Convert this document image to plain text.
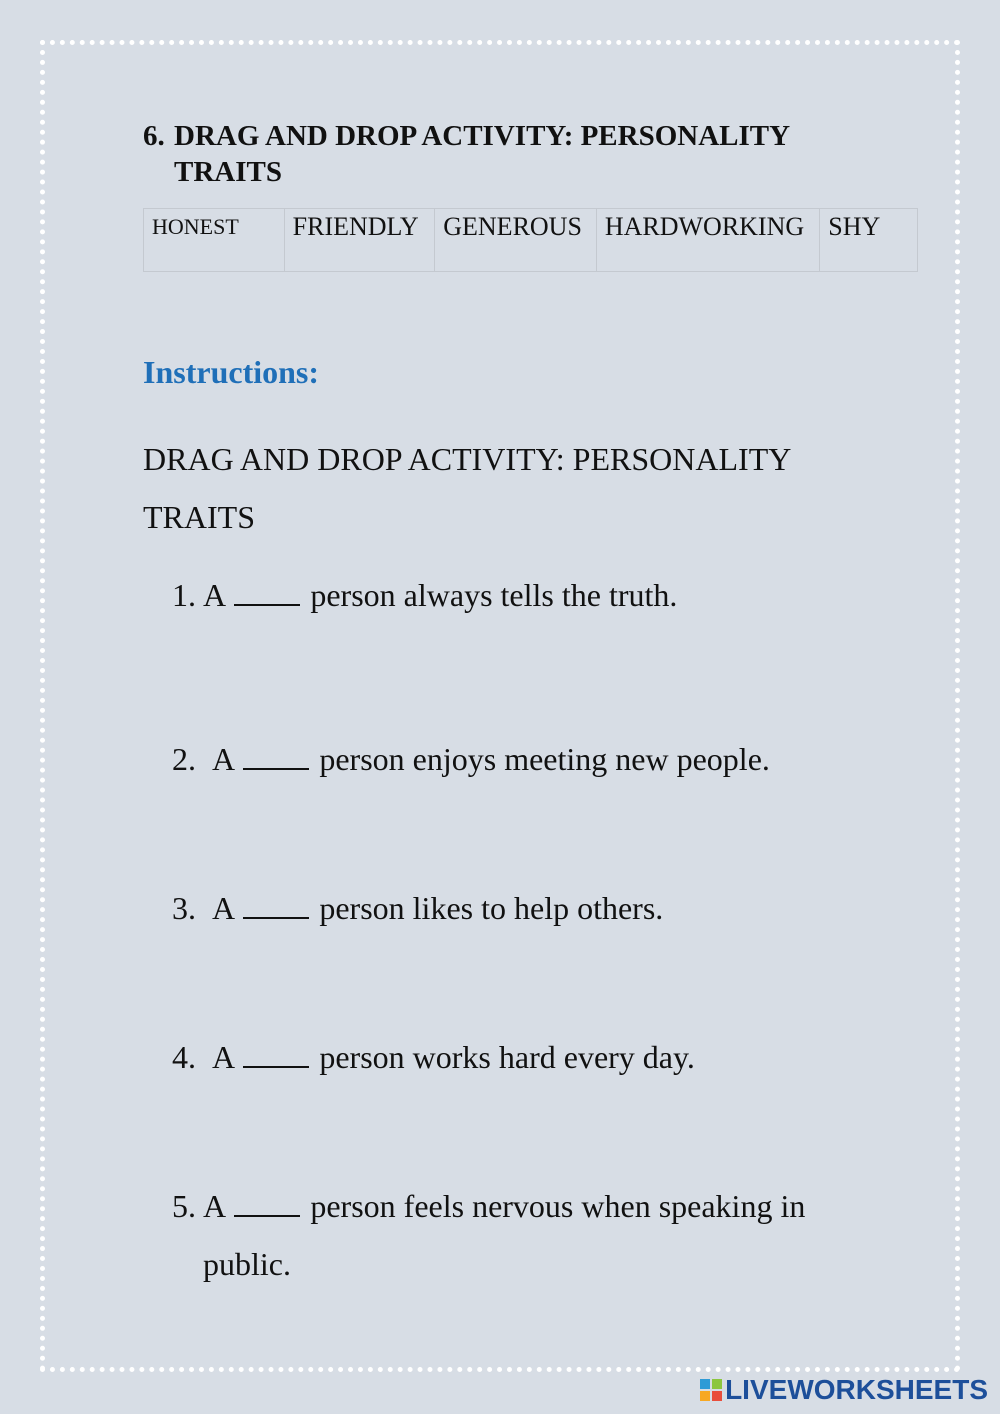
6. DRAG AND DROP ACTIVITY: PERSONALITY TRAITS
HONEST	FRIENDLY GENEROUS HARDWORKING SHY
Instructions:
DRAG AND DROP ACTIVITY: PERSONALITY TRAITS
1. A	person always tells the truth.
2. A	person enjoys meeting new people.
3. A	person likes to help others.
4. A	person works hard every day.
5. A	person feels nervous when speaking in public.
LIVEWORKSHEETS
